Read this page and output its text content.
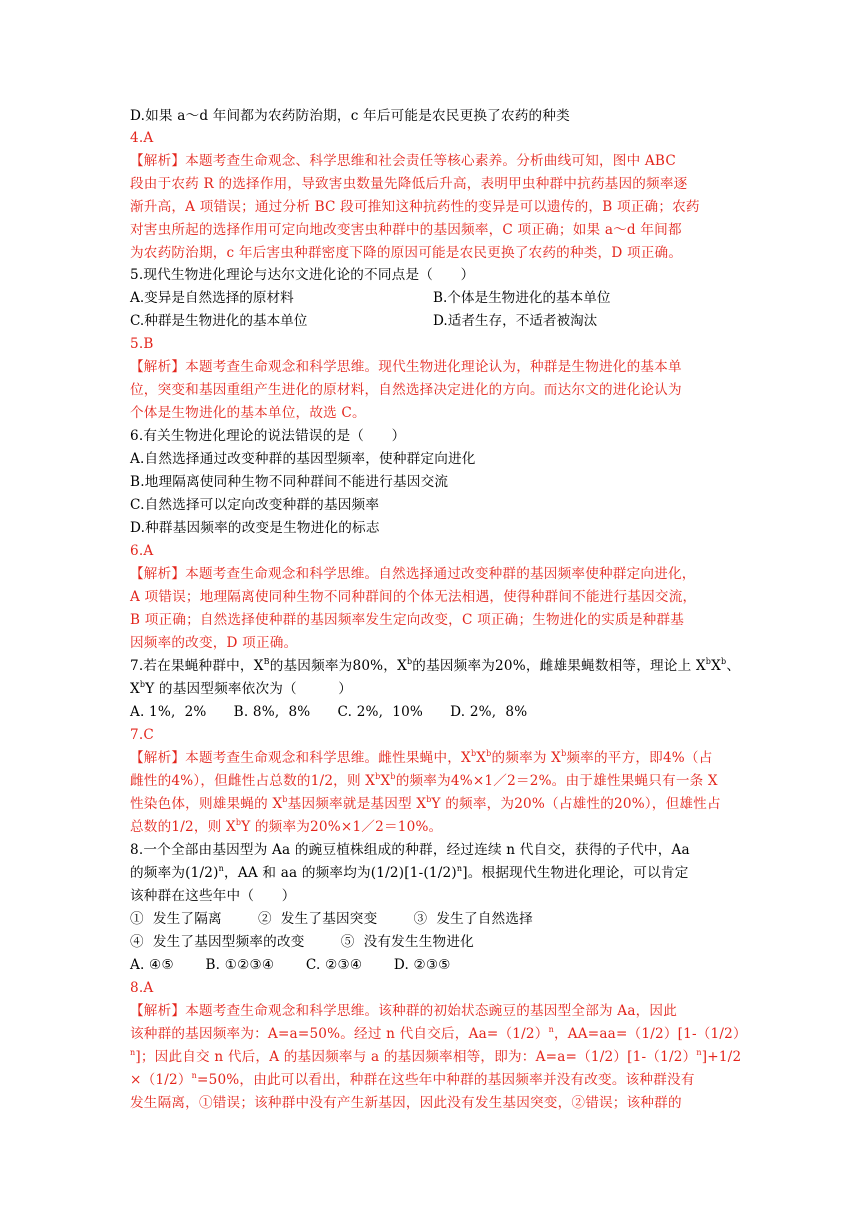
D.如果 a～d 年间都为农药防治期，c 年后可能是农民更换了农药的种类
4.A
【解析】本题考查生命观念、科学思维和社会责任等核心素养。分析曲线可知，图中 ABC
段由于农药 R 的选择作用，导致害虫数量先降低后升高，表明甲虫种群中抗药基因的频率逐
渐升高，A 项错误；通过分析 BC 段可推知这种抗药性的变异是可以遗传的，B 项正确；农药
对害虫所起的选择作用可定向地改变害虫种群中的基因频率，C 项正确；如果 a～d 年间都
为农药防治期，c 年后害虫种群密度下降的原因可能是农民更换了农药的种类，D 项正确。
5.现代生物进化理论与达尔文进化论的不同点是（　　）
A.变异是自然选择的原材料	B.个体是生物进化的基本单位
C.种群是生物进化的基本单位	D.适者生存，不适者被淘汰
5.B
【解析】本题考查生命观念和科学思维。现代生物进化理论认为，种群是生物进化的基本单
位，突变和基因重组产生进化的原材料，自然选择决定进化的方向。而达尔文的进化论认为
个体是生物进化的基本单位，故选 C。
6.有关生物进化理论的说法错误的是（　　）
A.自然选择通过改变种群的基因型频率，使种群定向进化
B.地理隔离使同种生物不同种群间不能进行基因交流
C.自然选择可以定向改变种群的基因频率
D.种群基因频率的改变是生物进化的标志
6.A
【解析】本题考查生命观念和科学思维。自然选择通过改变种群的基因频率使种群定向进化，
A 项错误；地理隔离使同种生物不同种群间的个体无法相遇，使得种群间不能进行基因交流，
B 项正确；自然选择使种群的基因频率发生定向改变，C 项正确；生物进化的实质是种群基
因频率的改变，D 项正确。
7.若在果蝇种群中，$X^B$的基因频率为80%，$X^b$的基因频率为20%，雌雄果蝇数相等，理论上 $X^bX^b$、
$X^bY$ 的基因型频率依次为（　　　）
A. 1%,  2%      B. 8%,  8%      C. 2%,  10%      D. 2%,  8%
7.C
【解析】本题考查生命观念和科学思维。雌性果蝇中，$X^bX^b$的频率为 $X^b$频率的平方，即4%（占
雌性的4%），但雌性占总数的1/2，则 $X^bX^b$的频率为4%×1／2＝2%。由于雄性果蝇只有一条 X
性染色体，则雄果蝇的 $X^b$基因频率就是基因型 $X^bY$ 的频率，为20%（占雄性的20%），但雄性占
总数的1/2，则 $X^bY$ 的频率为20%×1／2＝10%。
8.一个全部由基因型为 Aa 的豌豆植株组成的种群，经过连续 n 代自交，获得的子代中，Aa
的频率为$(1/2)^n$，AA 和 aa 的频率均为$(1/2)[1-(1/2)^n]$。根据现代生物进化理论，可以肯定
该种群在这些年中（　　）
①  发生了隔离        ②  发生了基因突变        ③  发生了自然选择
④  发生了基因型频率的改变        ⑤  没有发生生物进化
A. ④⑤       B. ①②③④       C. ②③④       D. ②③⑤
8.A
【解析】本题考查生命观念和科学思维。该种群的初始状态豌豆的基因型全部为 Aa，因此
该种群的基因频率为：A=a=50%。经过 n 代自交后，$Aa=(1/2)^n$，AA=aa=（1/2）[1-（1/2）
$^n$]；因此自交 n 代后，A 的基因频率与 a 的基因频率相等，即为：$A=a=(1/2)[1-(1/2)^n]+1/2$
$\times(1/2)^n=50\%$，由此可以看出，种群在这些年中种群的基因频率并没有改变。该种群没有
发生隔离，①错误；该种群中没有产生新基因，因此没有发生基因突变，②错误；该种群的
